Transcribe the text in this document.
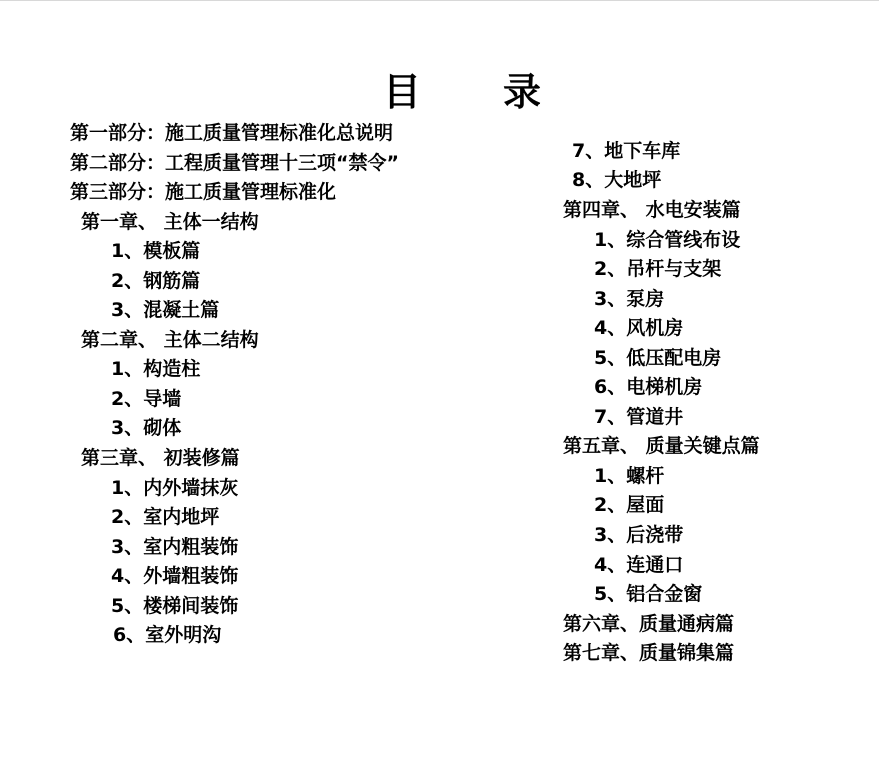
目 录
第一部分：施工质量管理标准化总说明
第二部分：工程质量管理十三项“禁令”
第三部分：施工质量管理标准化
第一章、 主体一结构
1、模板篇
2、钢筋篇
3、混凝土篇
第二章、 主体二结构
1、构造柱
2、导墙
3、砌体
第三章、 初装修篇
1、内外墙抹灰
2、室内地坪
3、室内粗装饰
4、外墙粗装饰
5、楼梯间装饰
6、室外明沟
7、地下车库
8、大地坪
第四章、 水电安装篇
1、综合管线布设
2、吊杆与支架
3、泵房
4、风机房
5、低压配电房
6、电梯机房
7、管道井
第五章、 质量关键点篇
1、螺杆
2、屋面
3、后浇带
4、连通口
5、铝合金窗
第六章、质量通病篇
第七章、质量锦集篇
